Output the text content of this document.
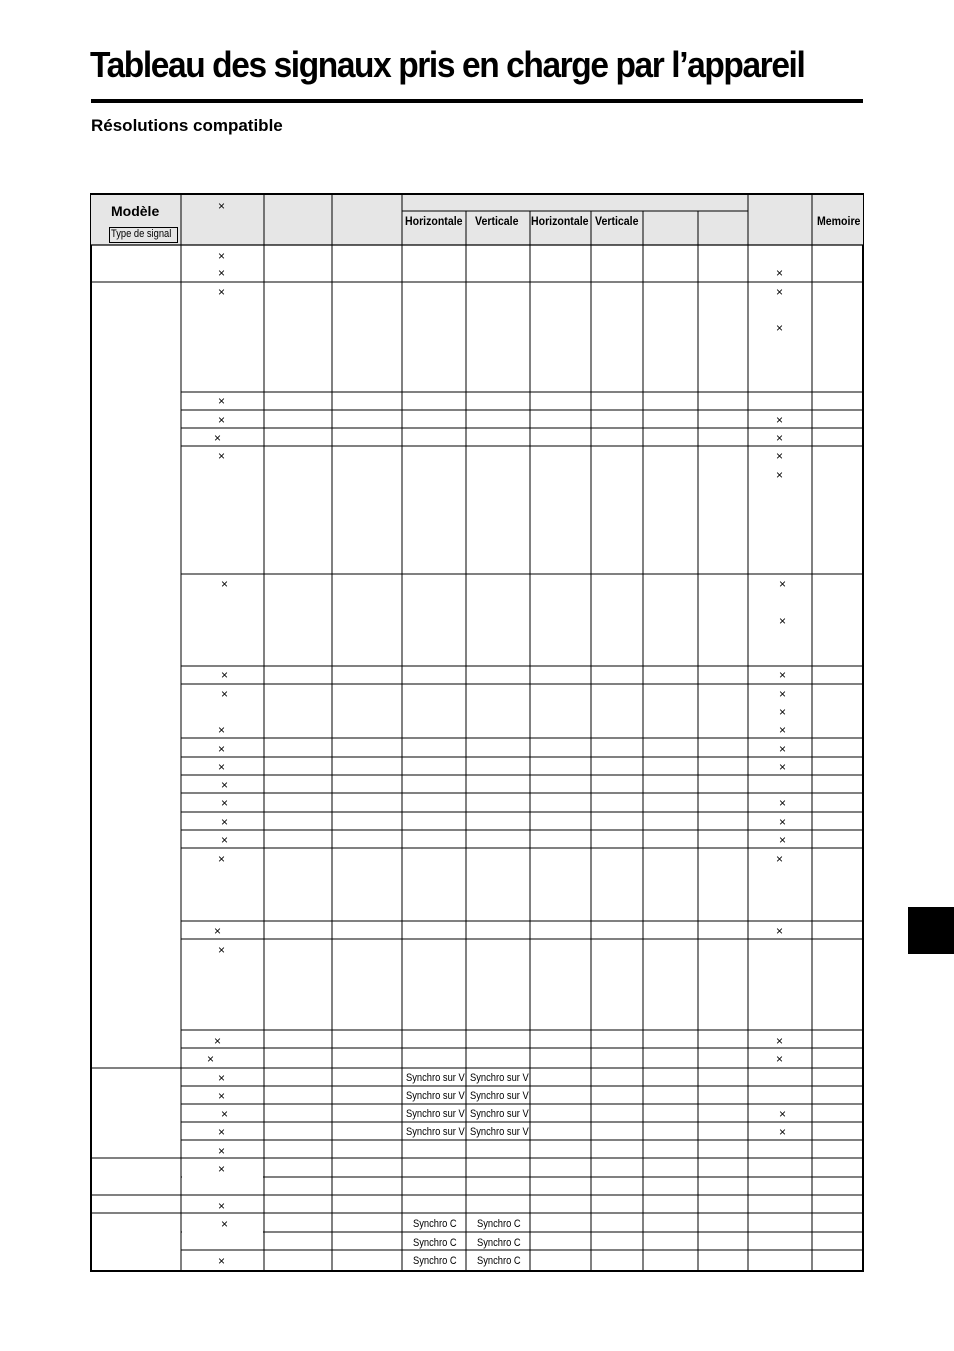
Tableau des signaux pris en charge par l’appareil
Résolutions compatible
Modèle
Type de signal
×
Horizontale Verticale Horizontale Verticale	Memoire
×
×
×
×
×
×
×
×
×
×
×
×
×
×
×
×
×
×
×
×
×
×
×
×
×
×
×
×
×
×
×
×
×
×
×
×
×
×
×
×
×
×
×
×
×
×
×
×
×
×
×
×
×
×
×
Synchro sur V Synchro sur V
Synchro sur V Synchro sur V
Synchro sur V Synchro sur V
Synchro sur V Synchro sur V
Synchro C Synchro C
Synchro C Synchro C
Synchro C Synchro C
